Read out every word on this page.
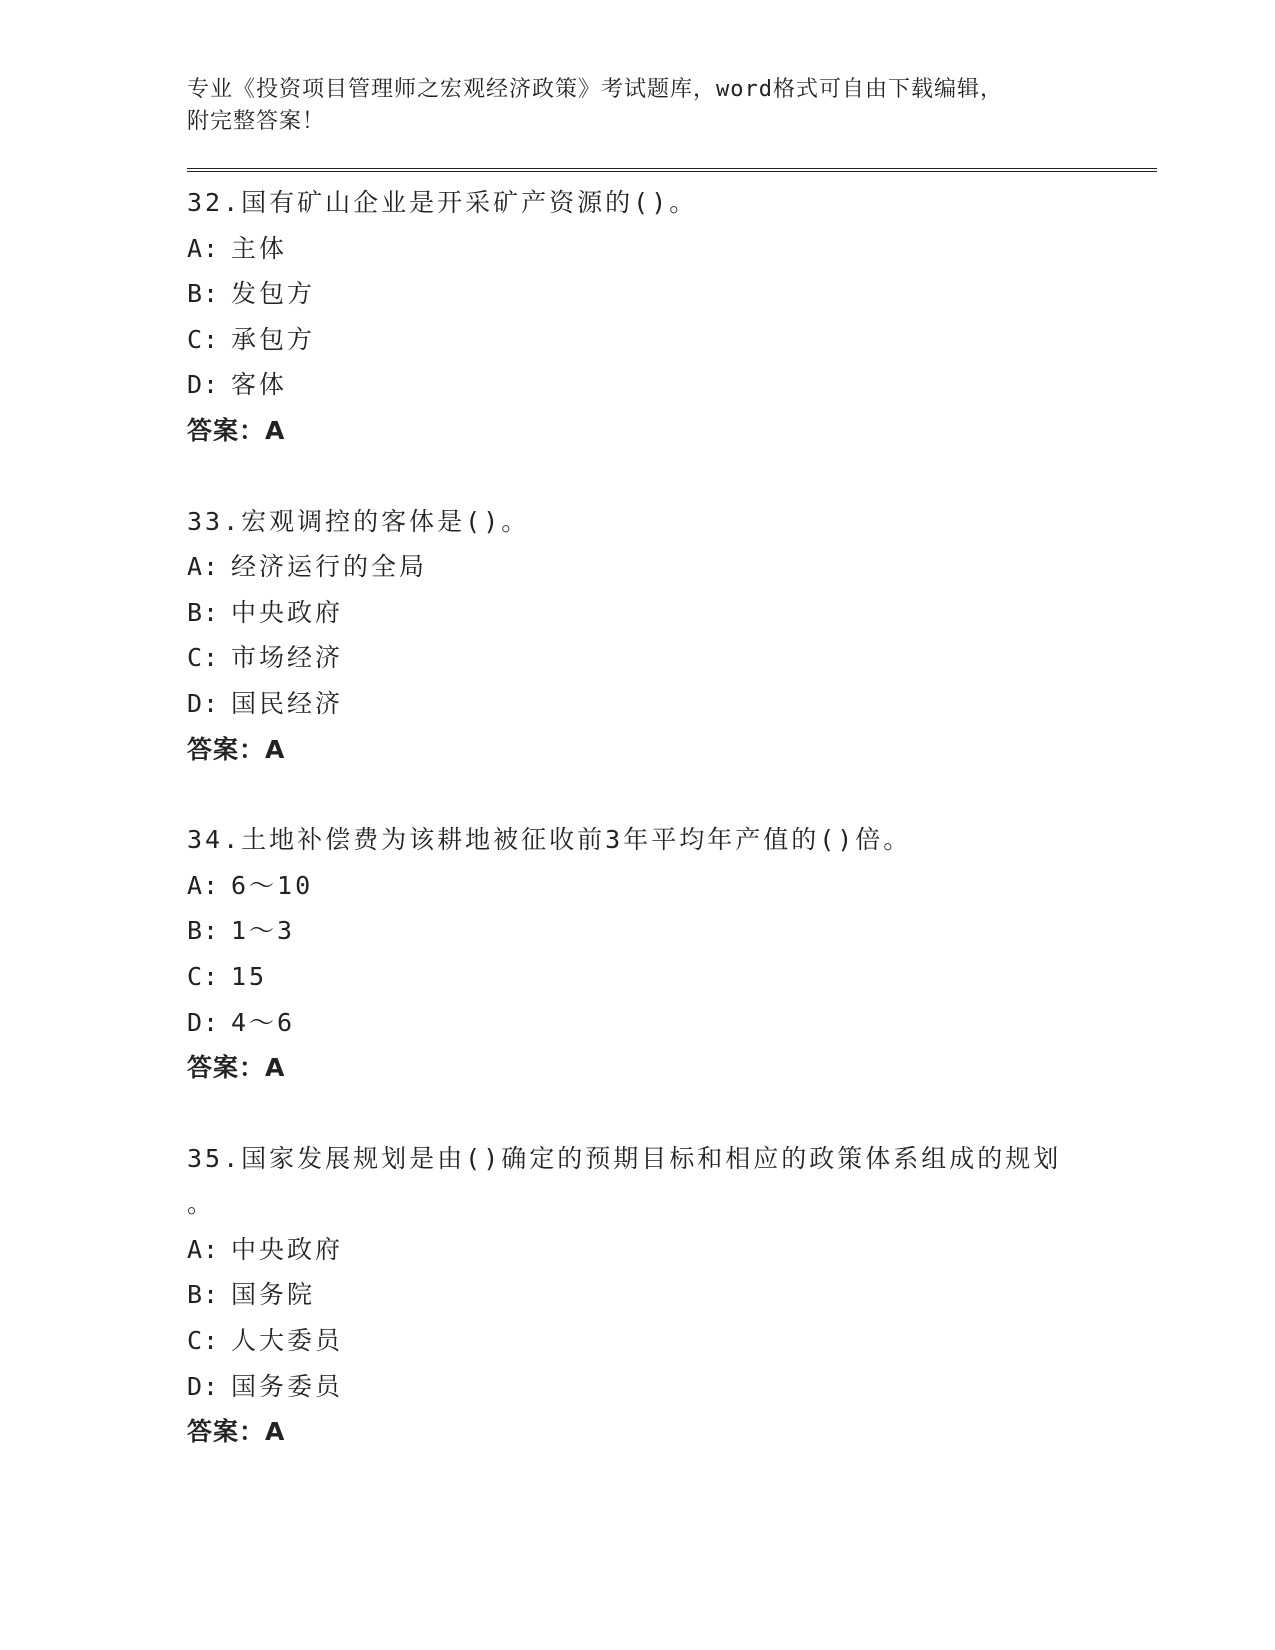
专业《投资项目管理师之宏观经济政策》考试题库，word格式可自由下载编辑，
附完整答案！
32.国有矿山企业是开采矿产资源的()。
A: 主体
B: 发包方
C: 承包方
D: 客体
答案：A
33.宏观调控的客体是()。
A: 经济运行的全局
B: 中央政府
C: 市场经济
D: 国民经济
答案：A
34.土地补偿费为该耕地被征收前3年平均年产值的()倍。
A: 6～10
B: 1～3
C: 15
D: 4～6
答案：A
35.国家发展规划是由()确定的预期目标和相应的政策体系组成的规划
。
A: 中央政府
B: 国务院
C: 人大委员
D: 国务委员
答案：A
